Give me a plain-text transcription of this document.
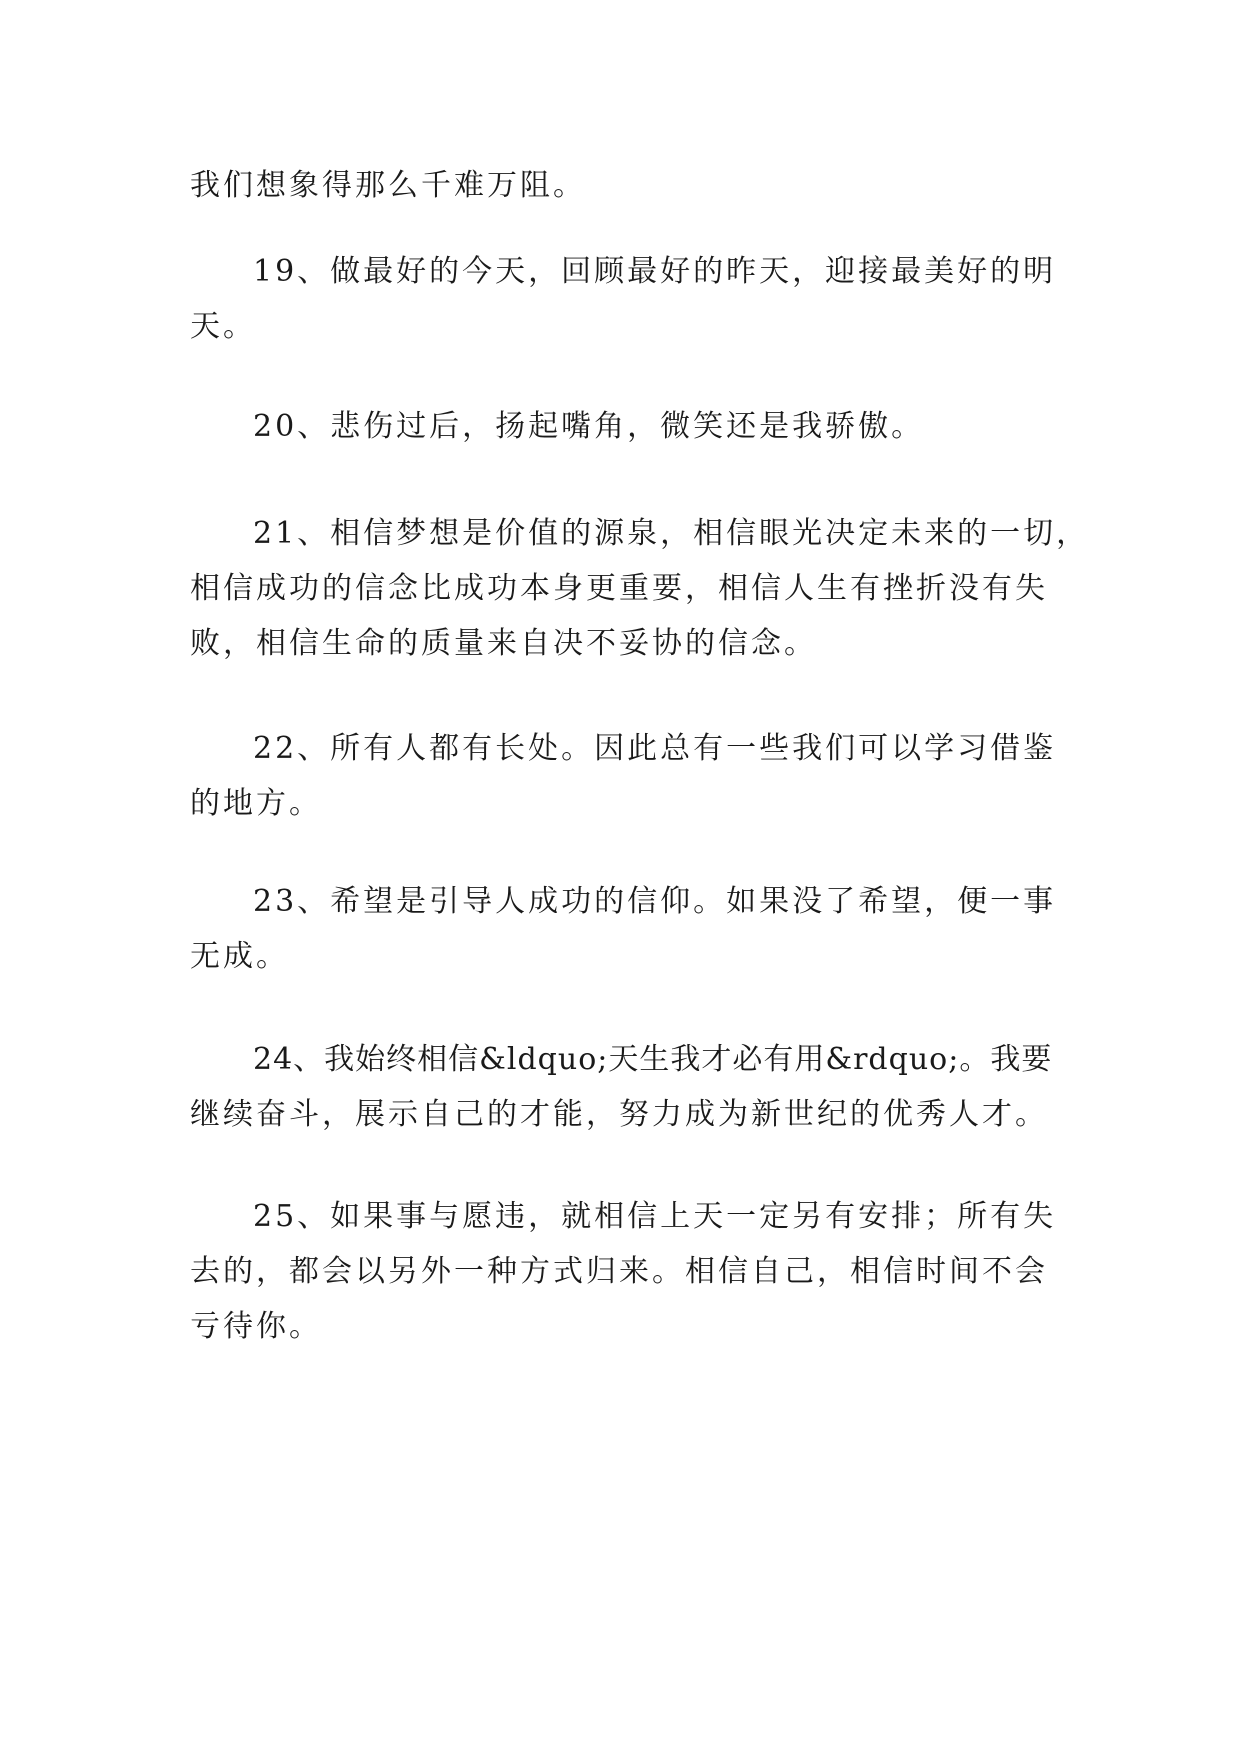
我们想象得那么千难万阻。
19、做最好的今天，回顾最好的昨天，迎接最美好的明
天。
20、悲伤过后，扬起嘴角，微笑还是我骄傲。
21、相信梦想是价值的源泉，相信眼光决定未来的一切，
相信成功的信念比成功本身更重要，相信人生有挫折没有失
败，相信生命的质量来自决不妥协的信念。
22、所有人都有长处。因此总有一些我们可以学习借鉴
的地方。
23、希望是引导人成功的信仰。如果没了希望，便一事
无成。
24、我始终相信&ldquo;天生我才必有用&rdquo;。我要
继续奋斗，展示自己的才能，努力成为新世纪的优秀人才。
25、如果事与愿违，就相信上天一定另有安排；所有失
去的，都会以另外一种方式归来。相信自己，相信时间不会
亏待你。
